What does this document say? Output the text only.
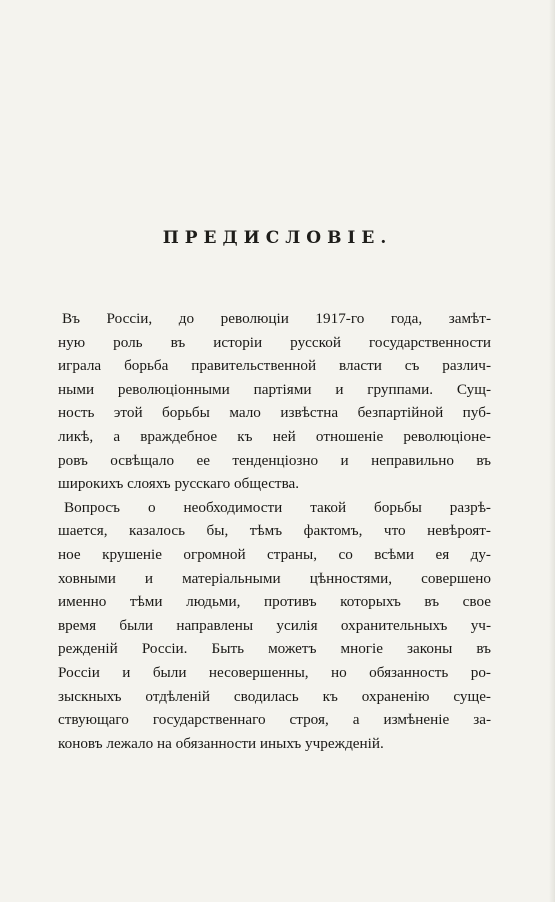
ПРЕДИСЛОВІЕ.
Въ Россіи, до революціи 1917-го года, замѣт-
ную роль въ исторіи русской государственности
играла борьба правительственной власти съ различ-
ными революціонными партіями и группами. Сущ-
ность этой борьбы мало извѣстна безпартійной пуб-
ликѣ, а враждебное къ ней отношеніе революціоне-
ровъ освѣщало ее тенденціозно и неправильно въ
широкихъ слояхъ русскаго общества.
Вопросъ о необходимости такой борьбы разрѣ-
шается, казалось бы, тѣмъ фактомъ, что невѣроят-
ное крушеніе огромной страны, со всѣми ея ду-
ховными и матеріальными цѣнностями, совершено
именно тѣми людьми, противъ которыхъ въ свое
время были направлены усилія охранительныхъ уч-
режденій Россіи. Быть можетъ многіе законы въ
Россіи и были несовершенны, но обязанность ро-
зыскныхъ отдѣленій сводилась къ охраненію суще-
ствующаго государственнаго строя, а измѣненіе за-
коновъ лежало на обязанности иныхъ учрежденій.
